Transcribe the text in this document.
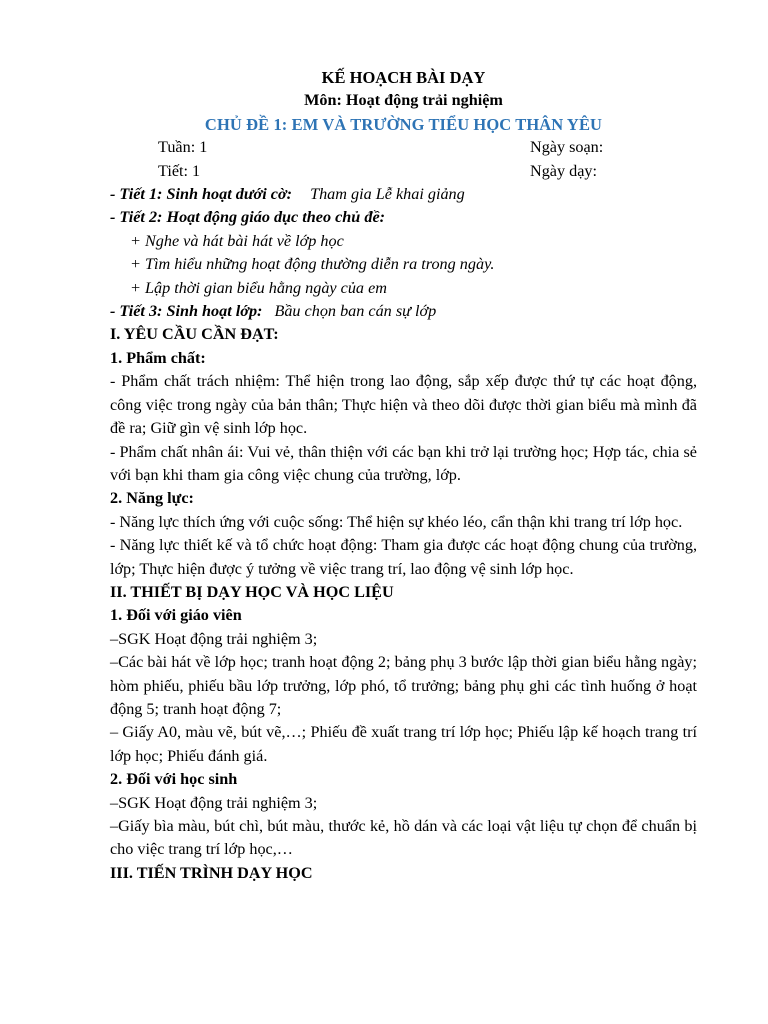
KẾ HOẠCH BÀI DẠY
Môn: Hoạt động trải nghiệm
CHỦ ĐỀ 1: EM VÀ TRƯỜNG TIỂU HỌC THÂN YÊU
Tuần: 1	Ngày soạn:
Tiết: 1	Ngày dạy:
- Tiết 1: Sinh hoạt dưới cờ: Tham gia Lễ khai giảng
- Tiết 2: Hoạt động giáo dục theo chủ đề:
+ Nghe và hát bài hát về lớp học
+ Tìm hiểu những hoạt động thường diễn ra trong ngày.
+ Lập thời gian biểu hằng ngày của em
- Tiết 3: Sinh hoạt lớp: Bầu chọn ban cán sự lớp
I. YÊU CẦU CẦN ĐẠT:
1. Phẩm chất:
- Phẩm chất trách nhiệm: Thể hiện trong lao động, sắp xếp được thứ tự các hoạt động, công việc trong ngày của bản thân; Thực hiện và theo dõi được thời gian biểu mà mình đã đề ra; Giữ gìn vệ sinh lớp học.
- Phẩm chất nhân ái: Vui vẻ, thân thiện với các bạn khi trở lại trường học; Hợp tác, chia sẻ với bạn khi tham gia công việc chung của trường, lớp.
2. Năng lực:
- Năng lực thích ứng với cuộc sống: Thể hiện sự khéo léo, cẩn thận khi trang trí lớp học.
- Năng lực thiết kế và tổ chức hoạt động: Tham gia được các hoạt động chung của trường, lớp; Thực hiện được ý tưởng về việc trang trí, lao động vệ sinh lớp học.
II. THIẾT BỊ DẠY HỌC VÀ HỌC LIỆU
1. Đối với giáo viên
–SGK Hoạt động trải nghiệm 3;
–Các bài hát về lớp học; tranh hoạt động 2; bảng phụ 3 bước lập thời gian biểu hằng ngày; hòm phiếu, phiếu bầu lớp trưởng, lớp phó, tổ trưởng; bảng phụ ghi các tình huống ở hoạt động 5; tranh hoạt động 7;
– Giấy A0, màu vẽ, bút vẽ,…; Phiếu đề xuất trang trí lớp học; Phiếu lập kế hoạch trang trí lớp học; Phiếu đánh giá.
2. Đối với học sinh
–SGK Hoạt động trải nghiệm 3;
–Giấy bìa màu, bút chì, bút màu, thước kẻ, hồ dán và các loại vật liệu tự chọn để chuẩn bị cho việc trang trí lớp học,…
III. TIẾN TRÌNH DẠY HỌC
